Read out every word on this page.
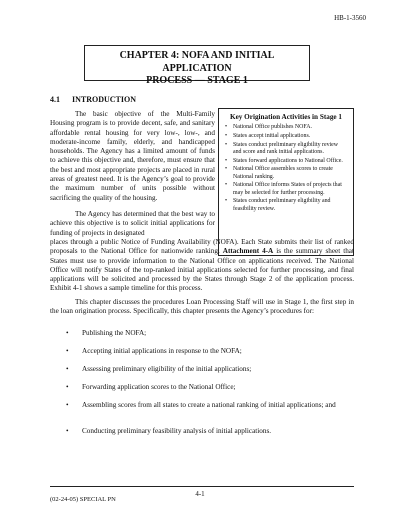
HB-1-3560
CHAPTER 4: NOFA AND INITIAL APPLICATION
PROCESS — STAGE 1
4.1 INTRODUCTION
The basic objective of the Multi-Family Housing program is to provide decent, safe, and sanitary affordable rental housing for very low-, low-, and moderate-income family, elderly, and handicapped households. The Agency has a limited amount of funds to achieve this objective and, therefore, must ensure that the best and most appropriate projects are placed in rural areas of greatest need. It is the Agency’s goal to provide the maximum number of units possible without sacrificing the quality of the housing.
Key Origination Activities in Stage 1
• National Office publishes NOFA.
• States accept initial applications.
• States conduct preliminary eligibility review and score and rank initial applications.
• States forward applications to National Office.
• National Office assembles scores to create National ranking.
• National Office informs States of projects that may be selected for further processing.
• States conduct preliminary eligibility and feasibility review.
The Agency has determined that the best way to achieve this objective is to solicit initial applications for funding of projects in designated
places through a public Notice of Funding Availability (NOFA). Each State submits their list of ranked proposals to the National Office for nationwide ranking. Attachment 4-A is the summary sheet that States must use to provide information to the National Office on applications received. The National Office will notify States of the top-ranked initial applications selected for further processing, and final applications will be solicited and processed by the States through Stage 2 of the application process. Exhibit 4-1 shows a sample timeline for this process.
This chapter discusses the procedures Loan Processing Staff will use in Stage 1, the first step in the loan origination process. Specifically, this chapter presents the Agency’s procedures for:
•	Publishing the NOFA;
•	Accepting initial applications in response to the NOFA;
•	Assessing preliminary eligibility of the initial applications;
•	Forwarding application scores to the National Office;
•	Assembling scores from all states to create a national ranking of initial applications; and
•	Conducting preliminary feasibility analysis of initial applications.
4-1
(02-24-05) SPECIAL PN
